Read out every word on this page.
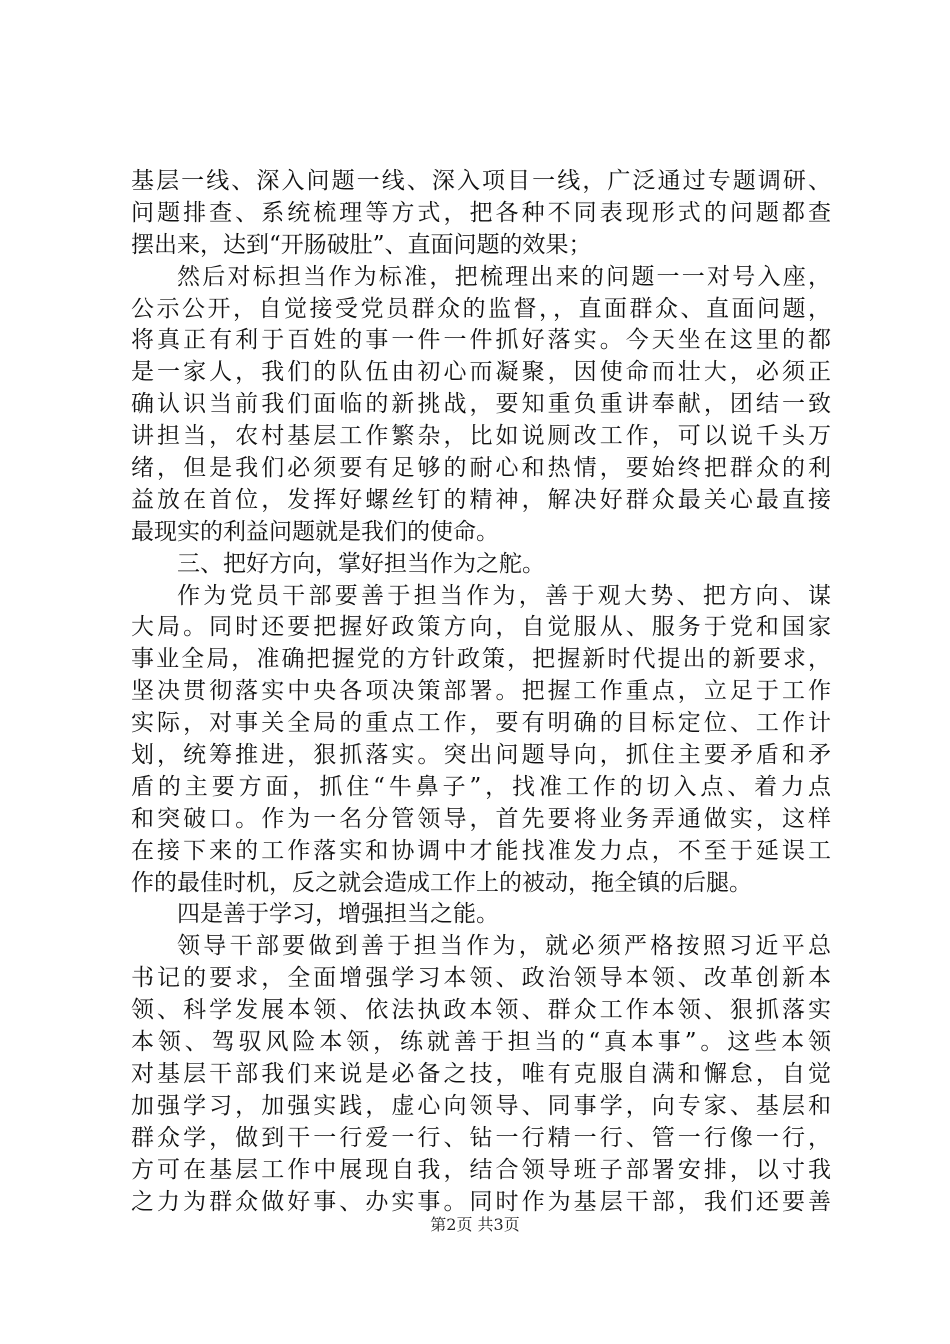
基层一线、深入问题一线、深入项目一线，广泛通过专题调研、
问题排查、系统梳理等方式，把各种不同表现形式的问题都查
摆出来，达到“开肠破肚”、直面问题的效果；
然后对标担当作为标准，把梳理出来的问题一一对号入座，
公示公开，自觉接受党员群众的监督，，直面群众、直面问题，
将真正有利于百姓的事一件一件抓好落实。今天坐在这里的都
是一家人，我们的队伍由初心而凝聚，因使命而壮大，必须正
确认识当前我们面临的新挑战，要知重负重讲奉献，团结一致
讲担当，农村基层工作繁杂，比如说厕改工作，可以说千头万
绪，但是我们必须要有足够的耐心和热情，要始终把群众的利
益放在首位，发挥好螺丝钉的精神，解决好群众最关心最直接
最现实的利益问题就是我们的使命。
三、把好方向，掌好担当作为之舵。
作为党员干部要善于担当作为，善于观大势、把方向、谋
大局。同时还要把握好政策方向，自觉服从、服务于党和国家
事业全局，准确把握党的方针政策，把握新时代提出的新要求，
坚决贯彻落实中央各项决策部署。把握工作重点，立足于工作
实际，对事关全局的重点工作，要有明确的目标定位、工作计
划，统筹推进，狠抓落实。突出问题导向，抓住主要矛盾和矛
盾的主要方面，抓住“牛鼻子”，找准工作的切入点、着力点
和突破口。作为一名分管领导，首先要将业务弄通做实，这样
在接下来的工作落实和协调中才能找准发力点，不至于延误工
作的最佳时机，反之就会造成工作上的被动，拖全镇的后腿。
四是善于学习，增强担当之能。
领导干部要做到善于担当作为，就必须严格按照习近平总
书记的要求，全面增强学习本领、政治领导本领、改革创新本
领、科学发展本领、依法执政本领、群众工作本领、狠抓落实
本领、驾驭风险本领，练就善于担当的“真本事”。这些本领
对基层干部我们来说是必备之技，唯有克服自满和懈怠，自觉
加强学习，加强实践，虚心向领导、同事学，向专家、基层和
群众学，做到干一行爱一行、钻一行精一行、管一行像一行，
方可在基层工作中展现自我，结合领导班子部署安排，以寸我
之力为群众做好事、办实事。同时作为基层干部，我们还要善
第2页 共3页
